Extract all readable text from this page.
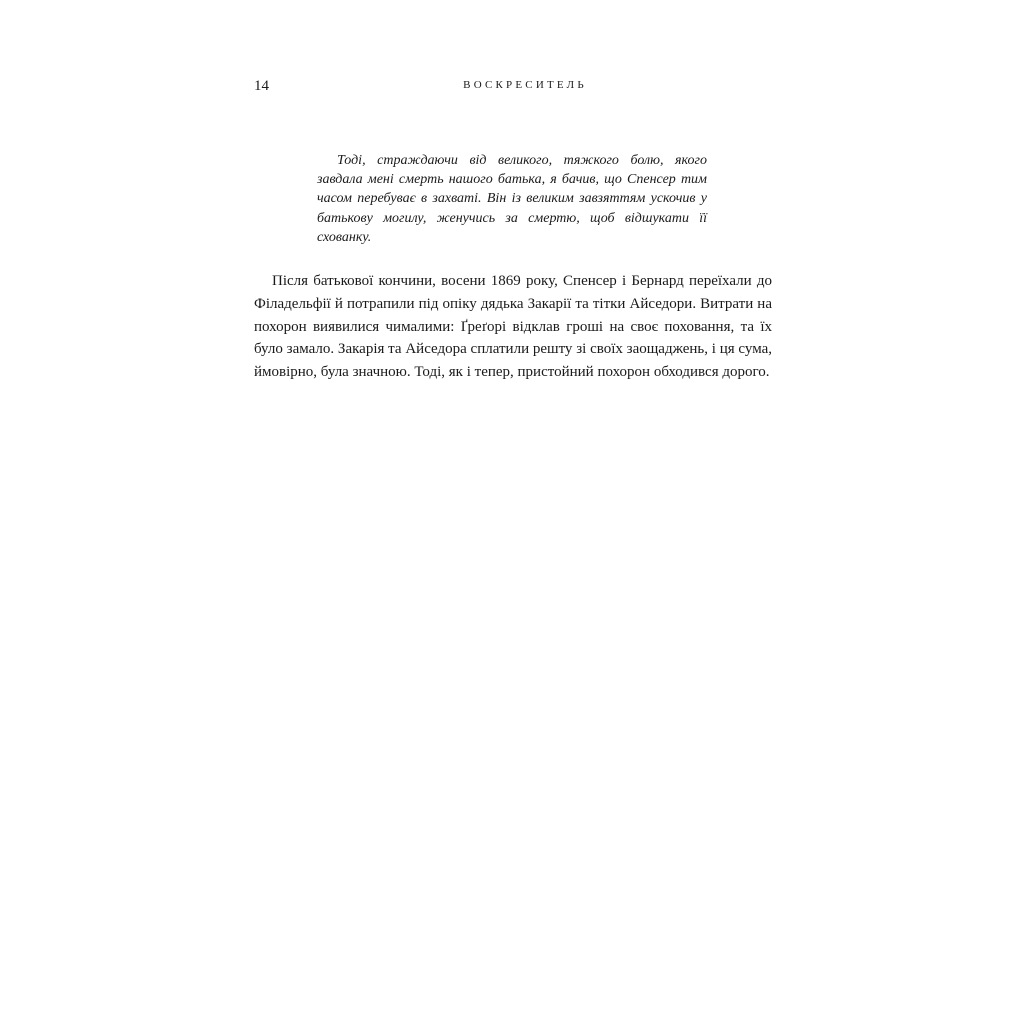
14	ВОСКРЕСИТЕЛЬ

Тоді, страждаючи від великого, тяжкого болю, якого завдала мені смерть нашого батька, я бачив, що Спенсер тим часом перебуває в захваті. Він із великим завзяттям ускочив у батькову могилу, женучись за смертю, щоб відшукати її схованку.

Після батькової кончини, восени 1869 року, Спенсер і Бернард переїхали до Філадельфії й потрапили під опіку дядька Закарії та тітки Айседори. Витрати на похорон виявилися чималими: Ґреґорі відклав гроші на своє поховання, та їх було замало. Закарія та Айседора сплатили решту зі своїх заощаджень, і ця сума, ймовірно, була значною. Тоді, як і тепер, пристойний похорон обходився дорого.
